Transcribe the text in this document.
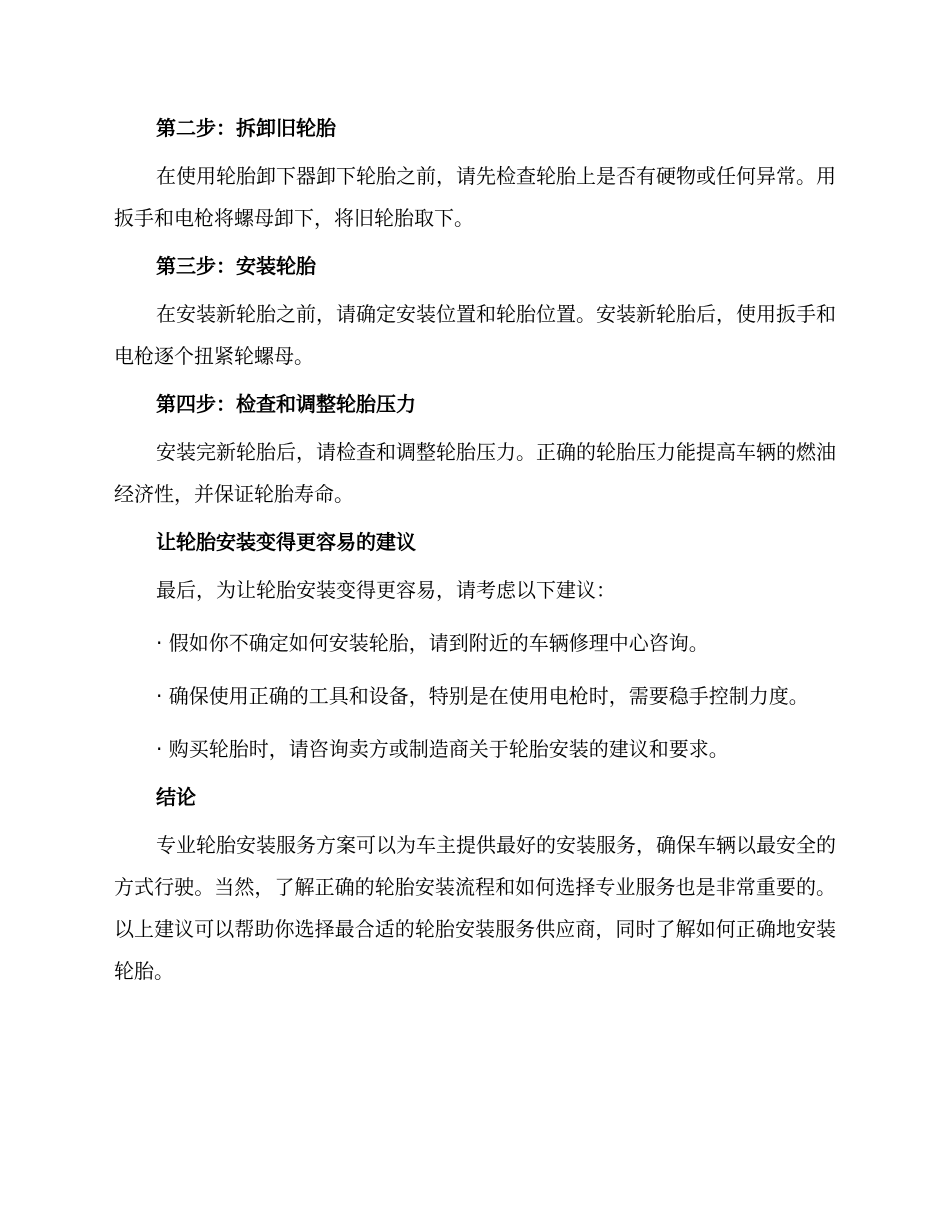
第二步：拆卸旧轮胎

在使用轮胎卸下器卸下轮胎之前，请先检查轮胎上是否有硬物或任何异常。用扳手和电枪将螺母卸下，将旧轮胎取下。

第三步：安装轮胎

在安装新轮胎之前，请确定安装位置和轮胎位置。安装新轮胎后，使用扳手和电枪逐个扭紧轮螺母。

第四步：检查和调整轮胎压力

安装完新轮胎后，请检查和调整轮胎压力。正确的轮胎压力能提高车辆的燃油经济性，并保证轮胎寿命。

让轮胎安装变得更容易的建议

最后，为让轮胎安装变得更容易，请考虑以下建议：

· 假如你不确定如何安装轮胎，请到附近的车辆修理中心咨询。

· 确保使用正确的工具和设备，特别是在使用电枪时，需要稳手控制力度。

· 购买轮胎时，请咨询卖方或制造商关于轮胎安装的建议和要求。

结论

专业轮胎安装服务方案可以为车主提供最好的安装服务，确保车辆以最安全的方式行驶。当然，了解正确的轮胎安装流程和如何选择专业服务也是非常重要的。以上建议可以帮助你选择最合适的轮胎安装服务供应商，同时了解如何正确地安装轮胎。
